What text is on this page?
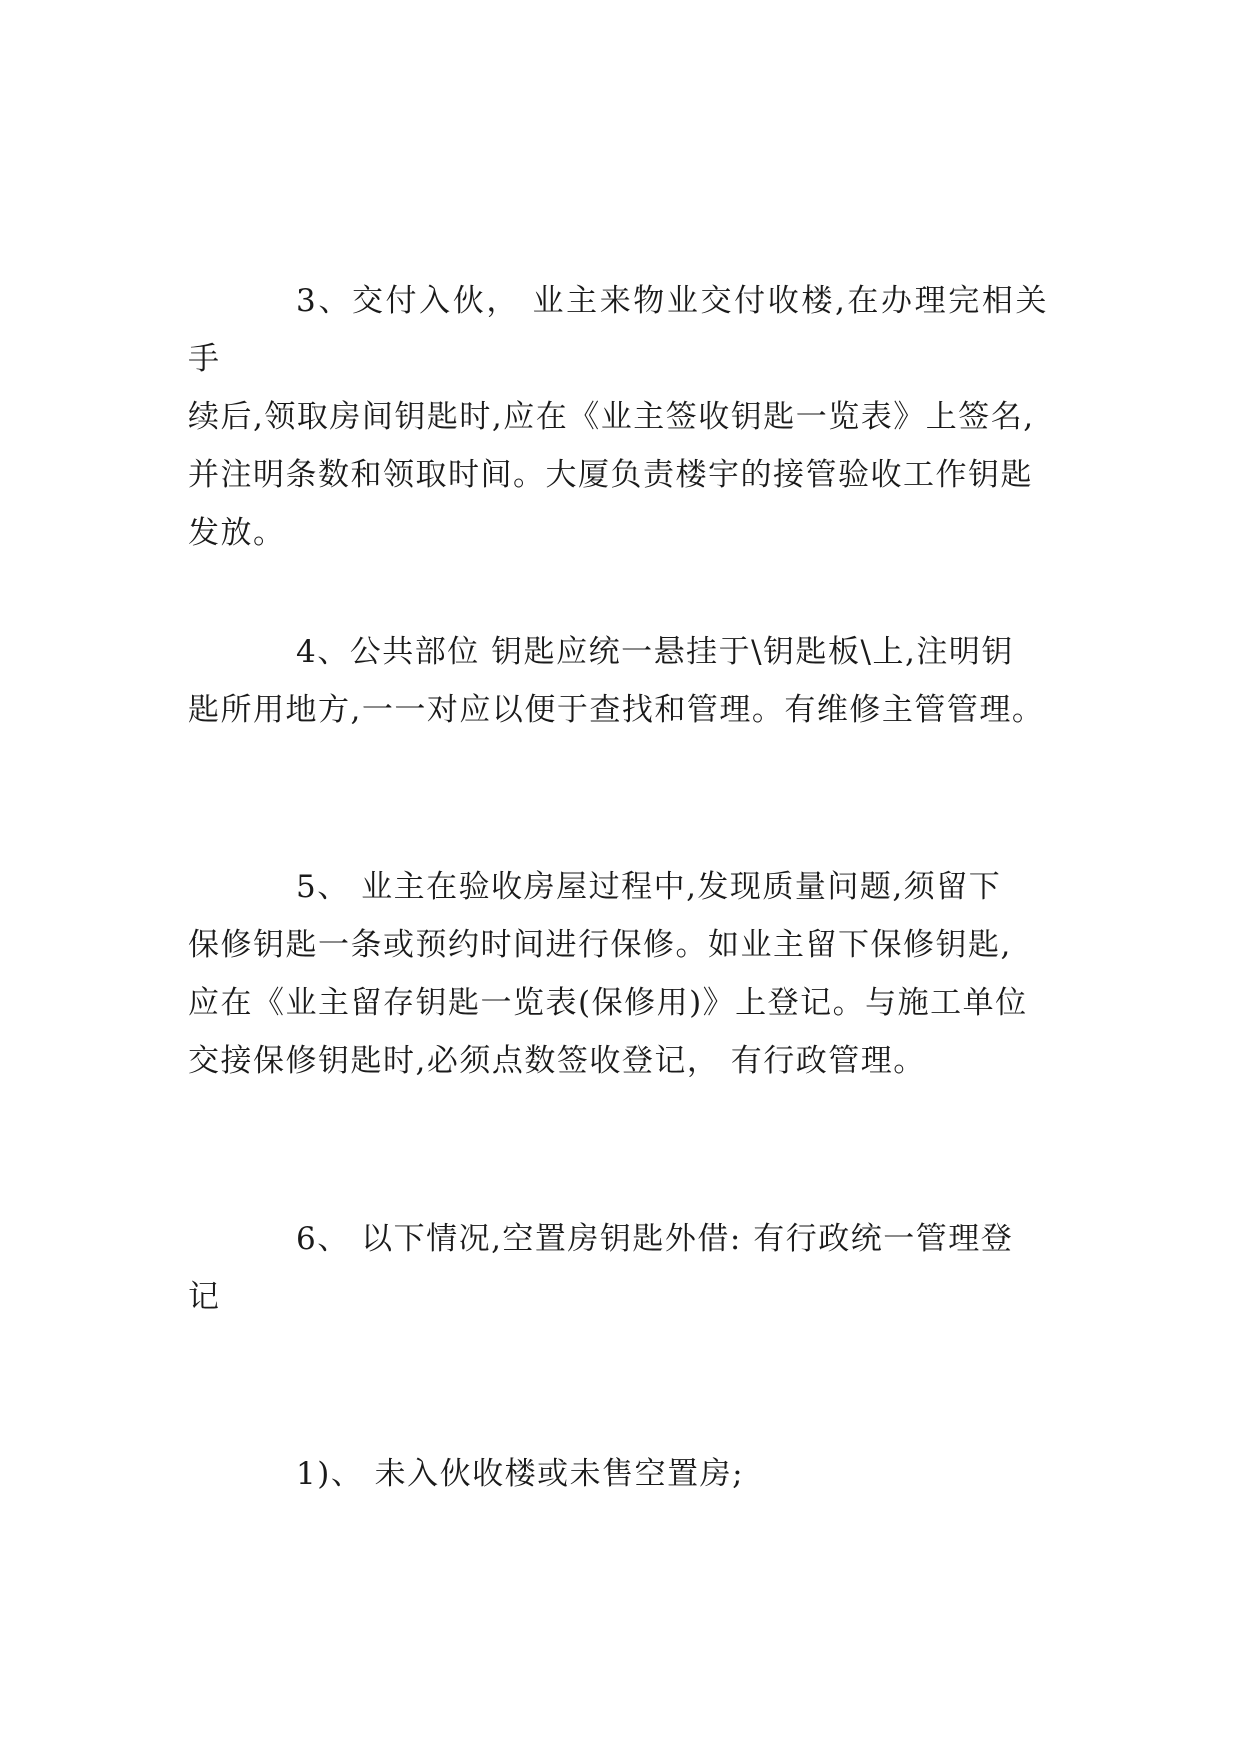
3、交付入伙， 业主来物业交付收楼,在办理完相关手
续后,领取房间钥匙时,应在《业主签收钥匙一览表》上签名,
并注明条数和领取时间。大厦负责楼宇的接管验收工作钥匙
发放。

4、公共部位 钥匙应统一悬挂于\钥匙板\上,注明钥
匙所用地方,一一对应以便于查找和管理。有维修主管管理。

5、 业主在验收房屋过程中,发现质量问题,须留下
保修钥匙一条或预约时间进行保修。如业主留下保修钥匙,
应在《业主留存钥匙一览表(保修用)》上登记。与施工单位
交接保修钥匙时,必须点数签收登记， 有行政管理。

6、 以下情况,空置房钥匙外借: 有行政统一管理登
记

1)、 未入伙收楼或未售空置房;
